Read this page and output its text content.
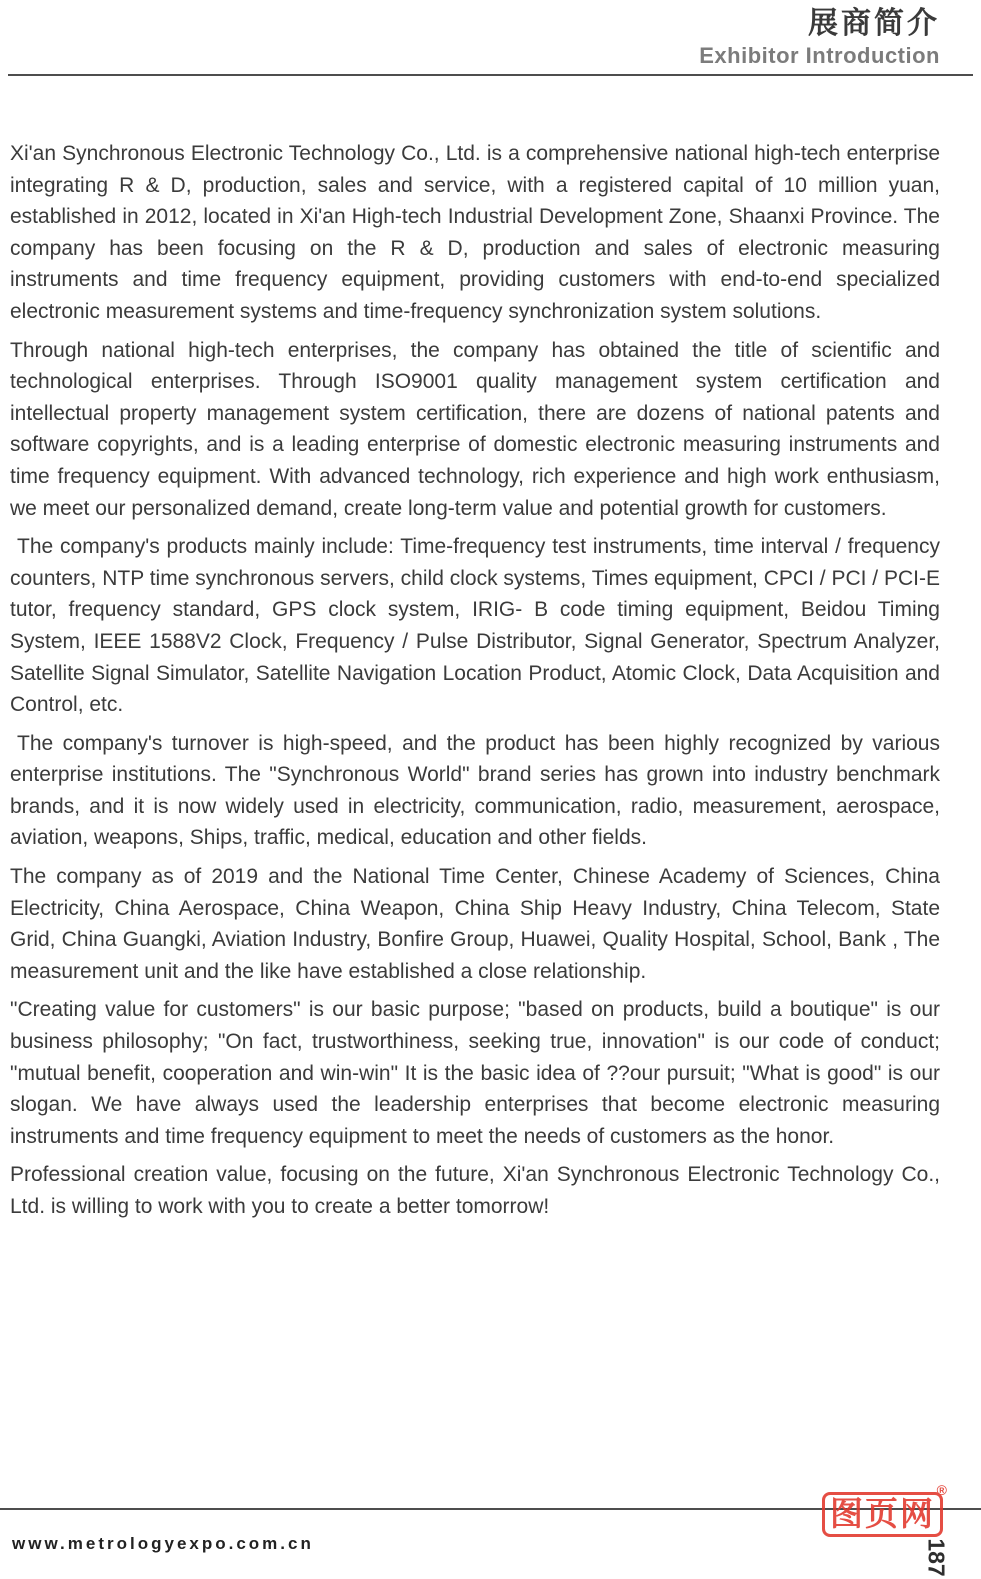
展商简介
Exhibitor Introduction

Xi'an Synchronous Electronic Technology Co., Ltd. is a comprehensive national high-tech enterprise integrating R & D, production, sales and service, with a registered capital of 10 million yuan, established in 2012, located in Xi'an High-tech Industrial Development Zone, Shaanxi Province. The company has been focusing on the R & D, production and sales of electronic measuring instruments and time frequency equipment, providing customers with end-to-end specialized electronic measurement systems and time-frequency synchronization system solutions.

Through national high-tech enterprises, the company has obtained the title of scientific and technological enterprises. Through ISO9001 quality management system certification and intellectual property management system certification, there are dozens of national patents and software copyrights, and is a leading enterprise of domestic electronic measuring instruments and time frequency equipment. With advanced technology, rich experience and high work enthusiasm, we meet our personalized demand, create long-term value and potential growth for customers.

The company's products mainly include: Time-frequency test instruments, time interval / frequency counters, NTP time synchronous servers, child clock systems, Times equipment, CPCI / PCI / PCI-E tutor, frequency standard, GPS clock system, IRIG- B code timing equipment, Beidou Timing System, IEEE 1588V2 Clock, Frequency / Pulse Distributor, Signal Generator, Spectrum Analyzer, Satellite Signal Simulator, Satellite Navigation Location Product, Atomic Clock, Data Acquisition and Control, etc.

The company's turnover is high-speed, and the product has been highly recognized by various enterprise institutions. The "Synchronous World" brand series has grown into industry benchmark brands, and it is now widely used in electricity, communication, radio, measurement, aerospace, aviation, weapons, Ships, traffic, medical, education and other fields.

The company as of 2019 and the National Time Center, Chinese Academy of Sciences, China Electricity, China Aerospace, China Weapon, China Ship Heavy Industry, China Telecom, State Grid, China Guangki, Aviation Industry, Bonfire Group, Huawei, Quality Hospital, School, Bank , The measurement unit and the like have established a close relationship.

"Creating value for customers" is our basic purpose; "based on products, build a boutique" is our business philosophy; "On fact, trustworthiness, seeking true, innovation" is our code of conduct; "mutual benefit, cooperation and win-win" It is the basic idea of ??our pursuit; "What is good" is our slogan. We have always used the leadership enterprises that become electronic measuring instruments and time frequency equipment to meet the needs of customers as the honor.

Professional creation value, focusing on the future, Xi'an Synchronous Electronic Technology Co., Ltd. is willing to work with you to create a better tomorrow!

www.metrologyexpo.com.cn	187
图页网
®
